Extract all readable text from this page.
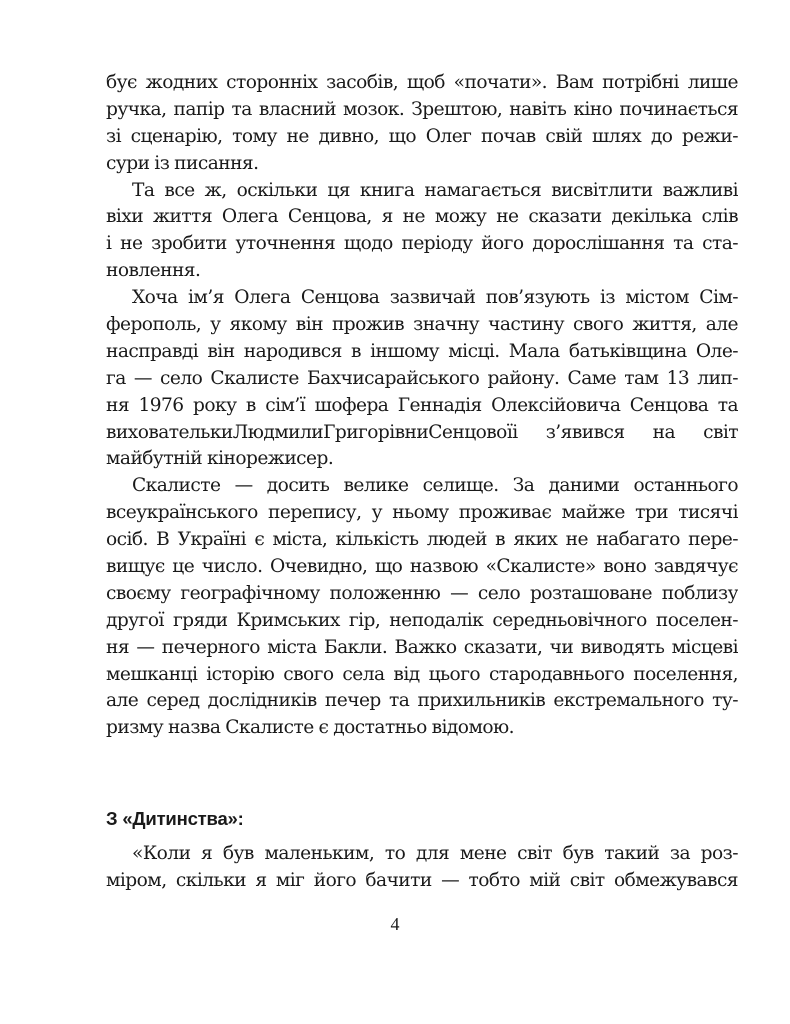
бує жодних сторонніх засобів, щоб «почати». Вам потрібні лише
ручка, папір та власний мозок. Зрештою, навіть кіно починається
зі сценарію, тому не дивно, що Олег почав свій шлях до режи-
сури із писання.
Та все ж, оскільки ця книга намагається висвітлити важливі
віхи життя Олега Сенцова, я не можу не сказати декілька слів
і не зробити уточнення щодо періоду його дорослішання та ста-
новлення.
Хоча ім’я Олега Сенцова зазвичай пов’язують із містом Сім-
ферополь, у якому він прожив значну частину свого життя, але
насправді він народився в іншому місці. Мала батьківщина Оле-
га — село Скалисте Бахчисарайського району. Саме там 13 лип-
ня 1976 року в сім’ї шофера Геннадія Олексійовича Сенцова та
вихователькиЛюдмилиГригорівниСенцовоїі з’явився на світ
майбутній кінорежисер.
Скалисте — досить велике селище. За даними останнього
всеукраїнського перепису, у ньому проживає майже три тисячі
осіб. В Україні є міста, кількість людей в яких не набагато пере-
вищує це число. Очевидно, що назвою «Скалисте» воно завдячує
своєму географічному положенню — село розташоване поблизу
другої гряди Кримських гір, неподалік середньовічного поселен-
ня — печерного міста Бакли. Важко сказати, чи виводять місцеві
мешканці історію свого села від цього стародавнього поселення,
але серед дослідників печер та прихильників екстремального ту-
ризму назва Скалисте є достатньо відомою.
З «Дитинства»:
«Коли я був маленьким, то для мене світ був такий за роз-
міром, скільки я міг його бачити — тобто мій світ обмежувався
4
